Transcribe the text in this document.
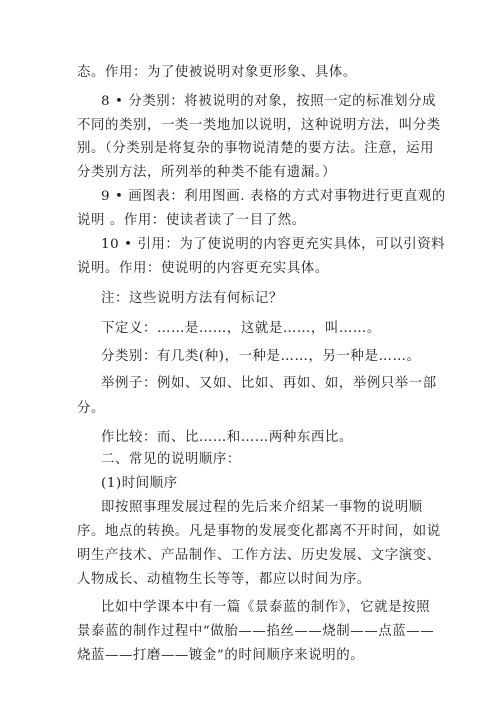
态。作用：为了使被说明对象更形象、具体。
8 • 分类别：将被说明的对象，按照一定的标准划分成
不同的类别，一类一类地加以说明，这种说明方法，叫分类
别。（分类别是将复杂的事物说清楚的要方法。注意，运用
分类别方法，所列举的种类不能有遗漏。）
9 • 画图表：利用图画. 表格的方式对事物进行更直观的
说明 。作用：使读者读了一目了然。
10 • 引用：为了使说明的内容更充实具体，可以引资料
说明。作用：使说明的内容更充实具体。
注：这些说明方法有何标记？
下定义：……是……，这就是……，叫……。
分类别：有几类(种)，一种是……，另一种是……。
举例子：例如、又如、比如、再如、如，举例只举一部
分。
作比较：而、比……和……两种东西比。
二、常见的说明顺序：
(1)时间顺序
即按照事理发展过程的先后来介绍某一事物的说明顺
序。地点的转换。凡是事物的发展变化都离不开时间，如说
明生产技术、产品制作、工作方法、历史发展、文字演变、
人物成长、动植物生长等等，都应以时间为序。
比如中学课本中有一篇《景泰蓝的制作》，它就是按照
景泰蓝的制作过程中“做胎——掐丝——烧制——点蓝——
烧蓝——打磨——镀金”的时间顺序来说明的。
